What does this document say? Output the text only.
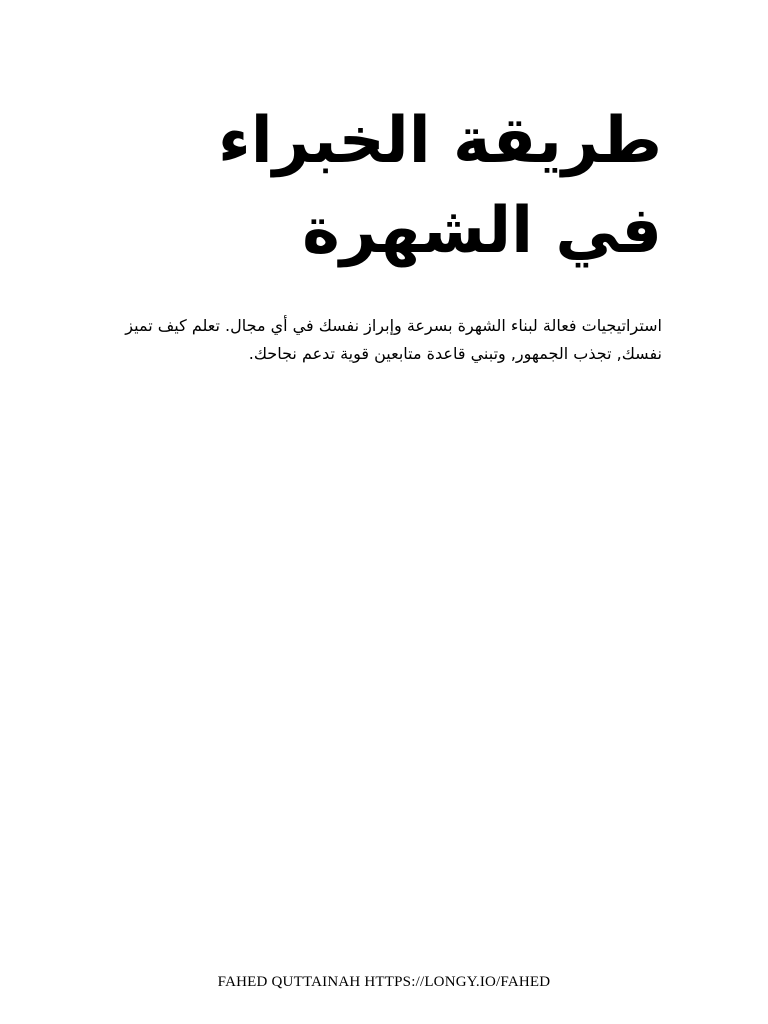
طريقة الخبراء في الشهرة

استراتيجيات فعالة لبناء الشهرة بسرعة وإبراز نفسك في أي مجال. تعلم كيف تميز نفسك, تجذب الجمهور, وتبني قاعدة متابعين قوية تدعم نجاحك.

FAHED QUTTAINAH HTTPS://LONGY.IO/FAHED
